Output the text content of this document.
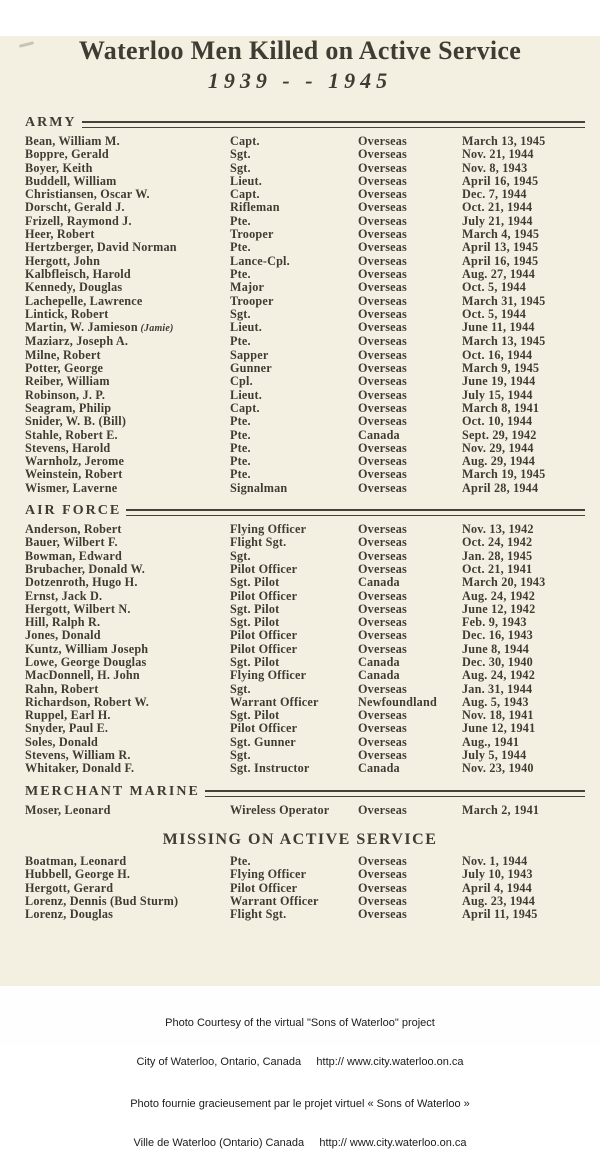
Waterloo Men Killed on Active Service
1939 - - 1945
ARMY
Bean, William M.	Capt.	Overseas	March 13, 1945
Boppre, Gerald	Sgt.	Overseas	Nov. 21, 1944
Boyer, Keith	Sgt.	Overseas	Nov. 8, 1943
Buddell, William	Lieut.	Overseas	April 16, 1945
Christiansen, Oscar W.	Capt.	Overseas	Dec. 7, 1944
Dorscht, Gerald J.	Rifleman	Overseas	Oct. 21, 1944
Frizell, Raymond J.	Pte.	Overseas	July 21, 1944
Heer, Robert	Trooper	Overseas	March 4, 1945
Hertzberger, David Norman	Pte.	Overseas	April 13, 1945
Hergott, John	Lance-Cpl.	Overseas	April 16, 1945
Kalbfleisch, Harold	Pte.	Overseas	Aug. 27, 1944
Kennedy, Douglas	Major	Overseas	Oct. 5, 1944
Lachepelle, Lawrence	Trooper	Overseas	March 31, 1945
Lintick, Robert	Sgt.	Overseas	Oct. 5, 1944
Martin, W. Jamieson (Jamie)	Lieut.	Overseas	June 11, 1944
Maziarz, Joseph A.	Pte.	Overseas	March 13, 1945
Milne, Robert	Sapper	Overseas	Oct. 16, 1944
Potter, George	Gunner	Overseas	March 9, 1945
Reiber, William	Cpl.	Overseas	June 19, 1944
Robinson, J. P.	Lieut.	Overseas	July 15, 1944
Seagram, Philip	Capt.	Overseas	March 8, 1941
Snider, W. B. (Bill)	Pte.	Overseas	Oct. 10, 1944
Stahle, Robert E.	Pte.	Canada	Sept. 29, 1942
Stevens, Harold	Pte.	Overseas	Nov. 29, 1944
Warnholz, Jerome	Pte.	Overseas	Aug. 29, 1944
Weinstein, Robert	Pte.	Overseas	March 19, 1945
Wismer, Laverne	Signalman	Overseas	April 28, 1944
AIR FORCE
Anderson, Robert	Flying Officer	Overseas	Nov. 13, 1942
Bauer, Wilbert F.	Flight Sgt.	Overseas	Oct. 24, 1942
Bowman, Edward	Sgt.	Overseas	Jan. 28, 1945
Brubacher, Donald W.	Pilot Officer	Overseas	Oct. 21, 1941
Dotzenroth, Hugo H.	Sgt. Pilot	Canada	March 20, 1943
Ernst, Jack D.	Pilot Officer	Overseas	Aug. 24, 1942
Hergott, Wilbert N.	Sgt. Pilot	Overseas	June 12, 1942
Hill, Ralph R.	Sgt. Pilot	Overseas	Feb. 9, 1943
Jones, Donald	Pilot Officer	Overseas	Dec. 16, 1943
Kuntz, William Joseph	Pilot Officer	Overseas	June 8, 1944
Lowe, George Douglas	Sgt. Pilot	Canada	Dec. 30, 1940
MacDonnell, H. John	Flying Officer	Canada	Aug. 24, 1942
Rahn, Robert	Sgt.	Overseas	Jan. 31, 1944
Richardson, Robert W.	Warrant Officer	Newfoundland	Aug. 5, 1943
Ruppel, Earl H.	Sgt. Pilot	Overseas	Nov. 18, 1941
Snyder, Paul E.	Pilot Officer	Overseas	June 12, 1941
Soles, Donald	Sgt. Gunner	Overseas	Aug., 1941
Stevens, William R.	Sgt.	Overseas	July 5, 1944
Whitaker, Donald F.	Sgt. Instructor	Canada	Nov. 23, 1940
MERCHANT MARINE
Moser, Leonard	Wireless Operator	Overseas	March 2, 1941
MISSING ON ACTIVE SERVICE
Boatman, Leonard	Pte.	Overseas	Nov. 1, 1944
Hubbell, George H.	Flying Officer	Overseas	July 10, 1943
Hergott, Gerard	Pilot Officer	Overseas	April 4, 1944
Lorenz, Dennis (Bud Sturm)	Warrant Officer	Overseas	Aug. 23, 1944
Lorenz, Douglas	Flight Sgt.	Overseas	April 11, 1945

Photo Courtesy of the virtual "Sons of Waterloo" project

City of Waterloo, Ontario, Canada     http:// www.city.waterloo.on.ca

Photo fournie gracieusement par le projet virtuel « Sons of Waterloo »

Ville de Waterloo (Ontario) Canada     http:// www.city.waterloo.on.ca
